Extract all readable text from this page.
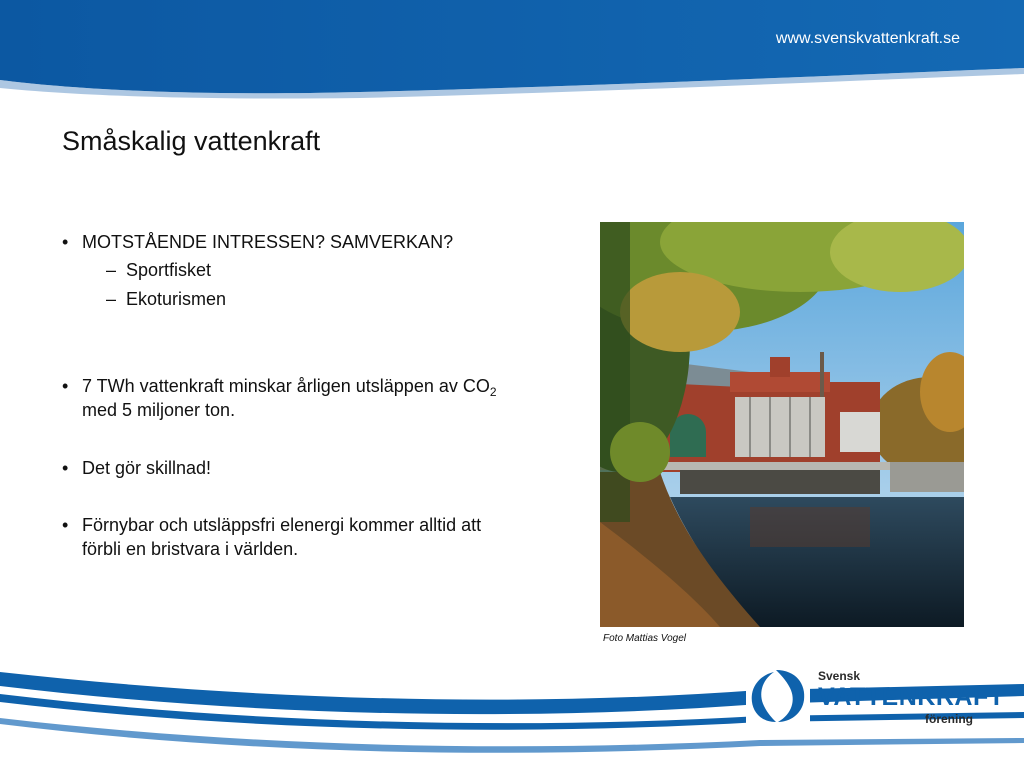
www.svenskvattenkraft.se
Småskalig vattenkraft
• MOTSTÅENDE INTRESSEN? SAMVERKAN?
– Sportfisket
– Ekoturismen
• 7 TWh vattenkraft minskar årligen utsläppen av $CO_2$
med 5 miljoner ton.
• Det gör skillnad!
• Förnybar och utsläppsfri elenergi kommer alltid att
förbli en bristvara i världen.
Foto Mattias Vogel
Svensk
VATTENKRAFT
förening
